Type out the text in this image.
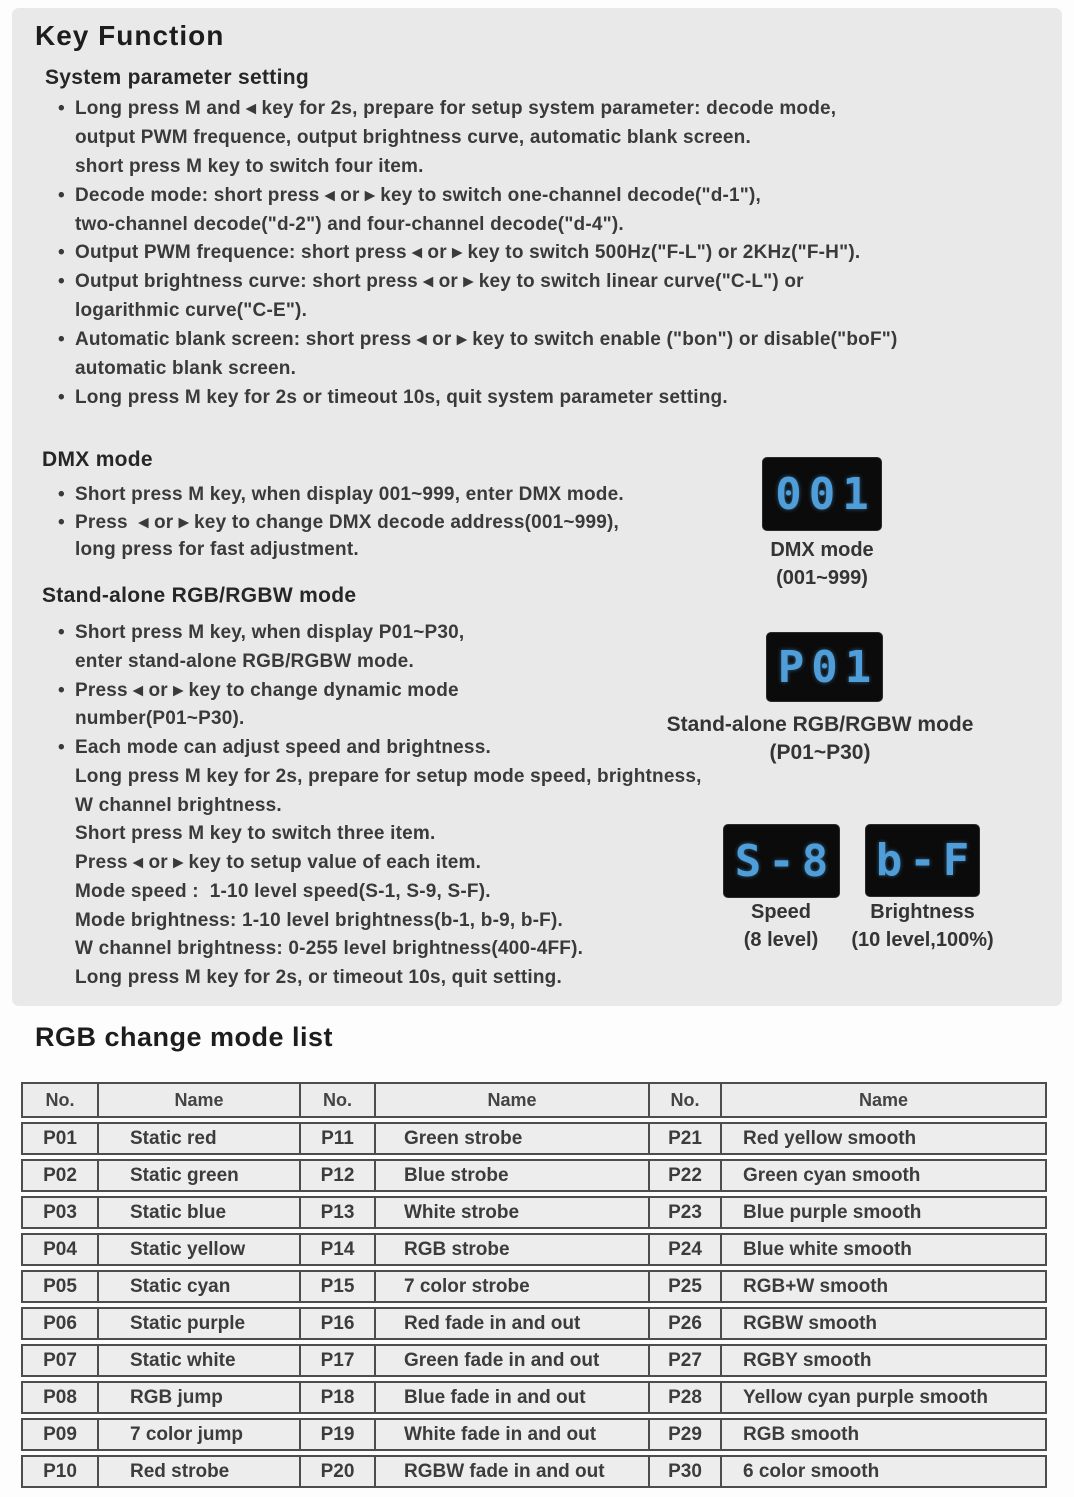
Key Function
System parameter setting
• Long press M and ◂ key for 2s, prepare for setup system parameter: decode mode,
output PWM frequence, output brightness curve, automatic blank screen.
short press M key to switch four item.
• Decode mode: short press ◂ or ▸ key to switch one-channel decode("d-1"),
two-channel decode("d-2") and four-channel decode("d-4").
• Output PWM frequence: short press ◂ or ▸ key to switch 500Hz("F-L") or 2KHz("F-H").
• Output brightness curve: short press ◂ or ▸ key to switch linear curve("C-L") or
logarithmic curve("C-E").
• Automatic blank screen: short press ◂ or ▸ key to switch enable ("bon") or disable("boF")
automatic blank screen.
• Long press M key for 2s or timeout 10s, quit system parameter setting.
DMX mode
• Short press M key, when display 001~999, enter DMX mode.
• Press  ◂ or ▸ key to change DMX decode address(001~999),
long press for fast adjustment.
001
DMX mode
(001~999)
Stand-alone RGB/RGBW mode
• Short press M key, when display P01~P30,
enter stand-alone RGB/RGBW mode.
• Press ◂ or ▸ key to change dynamic mode
number(P01~P30).
• Each mode can adjust speed and brightness.
Long press M key for 2s, prepare for setup mode speed, brightness,
W channel brightness.
Short press M key to switch three item.
Press ◂ or ▸ key to setup value of each item.
Mode speed :  1-10 level speed(S-1, S-9, S-F).
Mode brightness: 1-10 level brightness(b-1, b-9, b-F).
W channel brightness: 0-255 level brightness(400-4FF).
Long press M key for 2s, or timeout 10s, quit setting.
P01
Stand-alone RGB/RGBW mode
(P01~P30)
S-8
Speed
(8 level)
b-F
Brightness
(10 level,100%)
RGB change mode list
No.	Name	No.	Name	No.	Name
P01	Static red	P11	Green strobe	P21	Red yellow smooth
P02	Static green	P12	Blue strobe	P22	Green cyan smooth
P03	Static blue	P13	White strobe	P23	Blue purple smooth
P04	Static yellow	P14	RGB strobe	P24	Blue white smooth
P05	Static cyan	P15	7 color strobe	P25	RGB+W smooth
P06	Static purple	P16	Red fade in and out	P26	RGBW smooth
P07	Static white	P17	Green fade in and out	P27	RGBY smooth
P08	RGB jump	P18	Blue fade in and out	P28	Yellow cyan purple smooth
P09	7 color jump	P19	White fade in and out	P29	RGB smooth
P10	Red strobe	P20	RGBW fade in and out	P30	6 color smooth
